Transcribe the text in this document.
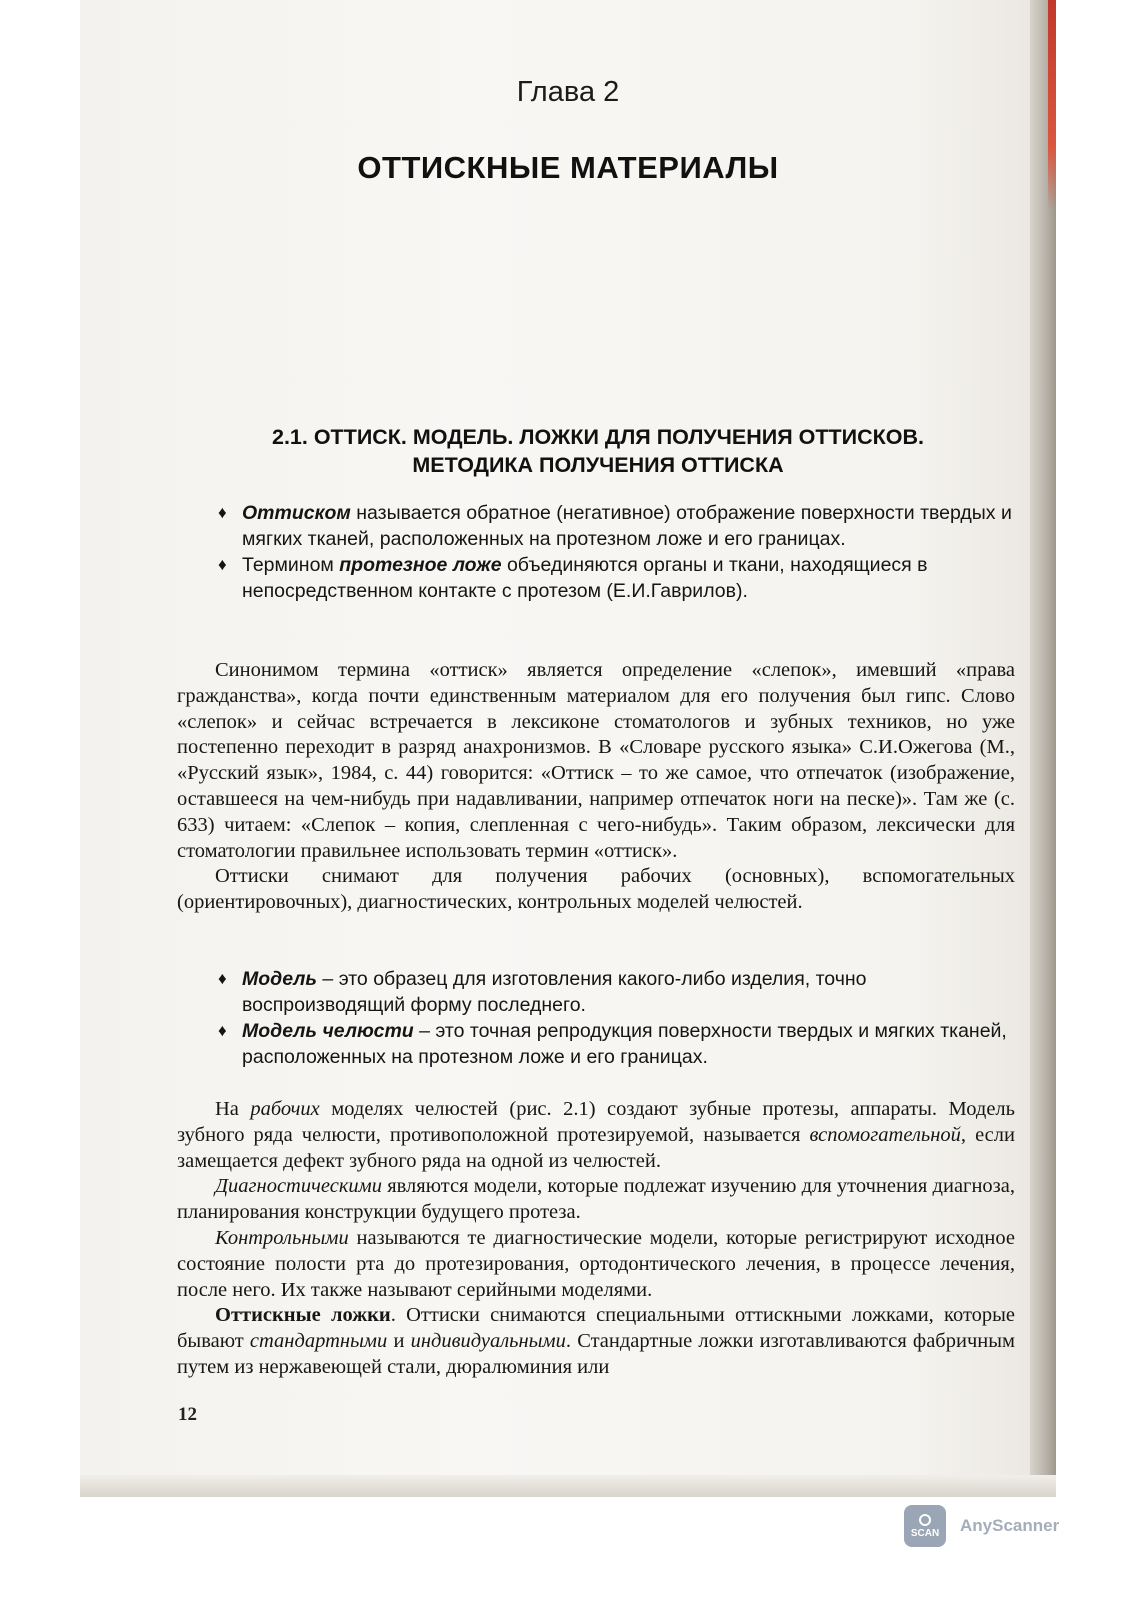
Глава 2
ОТТИСКНЫЕ МАТЕРИАЛЫ
2.1. ОТТИСК. МОДЕЛЬ. ЛОЖКИ ДЛЯ ПОЛУЧЕНИЯ ОТТИСКОВ.
МЕТОДИКА ПОЛУЧЕНИЯ ОТТИСКА
♦ Оттиском называется обратное (негативное) отображение поверхности твердых и мягких тканей, расположенных на протезном ложе и его границах.
♦ Термином протезное ложе объединяются органы и ткани, находящиеся в непосредственном контакте с протезом (Е.И.Гаврилов).

Синонимом термина «оттиск» является определение «слепок», имевший «права гражданства», когда почти единственным материалом для его получения был гипс. Слово «слепок» и сейчас встречается в лексиконе стоматологов и зубных техников, но уже постепенно переходит в разряд анахронизмов. В «Словаре русского языка» С.И.Ожегова (М., «Русский язык», 1984, с. 44) говорится: «Оттиск – то же самое, что отпечаток (изображение, оставшееся на чем-нибудь при надавливании, например отпечаток ноги на песке)». Там же (с. 633) читаем: «Слепок – копия, слепленная с чего-нибудь». Таким образом, лексически для стоматологии правильнее использовать термин «оттиск».

Оттиски снимают для получения рабочих (основных), вспомогательных (ориентировочных), диагностических, контрольных моделей челюстей.

♦ Модель – это образец для изготовления какого-либо изделия, точно воспроизводящий форму последнего.
♦ Модель челюсти – это точная репродукция поверхности твердых и мягких тканей, расположенных на протезном ложе и его границах.

На рабочих моделях челюстей (рис. 2.1) создают зубные протезы, аппараты. Модель зубного ряда челюсти, противоположной протезируемой, называется вспомогательной, если замещается дефект зубного ряда на одной из челюстей.

Диагностическими являются модели, которые подлежат изучению для уточнения диагноза, планирования конструкции будущего протеза.

Контрольными называются те диагностические модели, которые регистрируют исходное состояние полости рта до протезирования, ортодонтического лечения, в процессе лечения, после него. Их также называют серийными моделями.

Оттискные ложки. Оттиски снимаются специальными оттискными ложками, которые бывают стандартными и индивидуальными. Стандартные ложки изготавливаются фабричным путем из нержавеющей стали, дюралюминия или

12
SCAN AnyScanner
